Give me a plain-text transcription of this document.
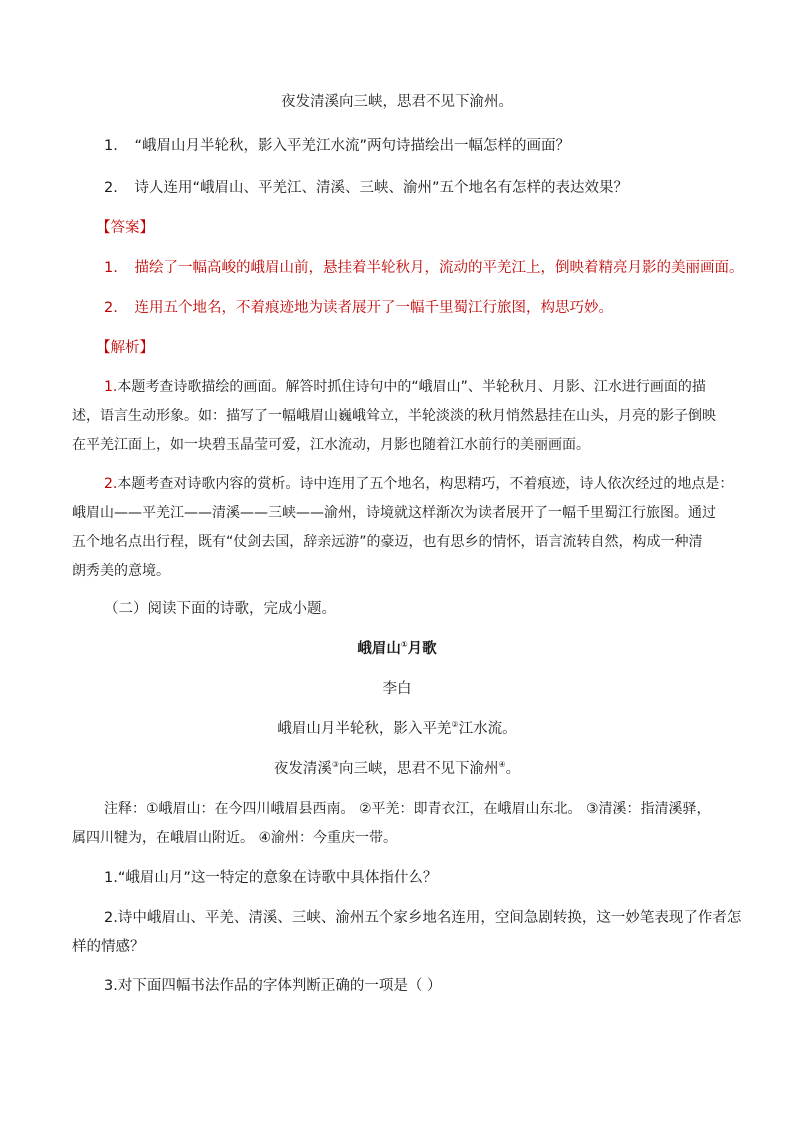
夜发清溪向三峡，思君不见下渝州。
1. “峨眉山月半轮秋，影入平羌江水流”两句诗描绘出一幅怎样的画面？
2. 诗人连用“峨眉山、平羌江、清溪、三峡、渝州”五个地名有怎样的表达效果？
【答案】
1. 描绘了一幅高峻的峨眉山前，悬挂着半轮秋月，流动的平羌江上，倒映着精亮月影的美丽画面。
2. 连用五个地名，不着痕迹地为读者展开了一幅千里蜀江行旅图，构思巧妙。
【解析】
1.本题考查诗歌描绘的画面。解答时抓住诗句中的“峨眉山”、半轮秋月、月影、江水进行画面的描
述，语言生动形象。如：描写了一幅峨眉山巍峨耸立，半轮淡淡的秋月悄然悬挂在山头，月亮的影子倒映
在平羌江面上，如一块碧玉晶莹可爱，江水流动，月影也随着江水前行的美丽画面。
2.本题考查对诗歌内容的赏析。诗中连用了五个地名，构思精巧，不着痕迹，诗人依次经过的地点是：
峨眉山——平羌江——清溪——三峡——渝州，诗境就这样渐次为读者展开了一幅千里蜀江行旅图。通过
五个地名点出行程，既有“仗剑去国，辞亲远游”的豪迈，也有思乡的情怀，语言流转自然，构成一种清
朗秀美的意境。
（二）阅读下面的诗歌，完成小题。
峨眉山①月歌
李白
峨眉山月半轮秋，影入平羌②江水流。
夜发清溪③向三峡，思君不见下渝州④。
注释：①峨眉山：在今四川峨眉县西南。 ②平羌：即青衣江，在峨眉山东北。 ③清溪：指清溪驿，
属四川犍为，在峨眉山附近。 ④渝州：今重庆一带。
1.“峨眉山月”这一特定的意象在诗歌中具体指什么？
2.诗中峨眉山、平羌、清溪、三峡、渝州五个家乡地名连用，空间急剧转换，这一妙笔表现了作者怎
样的情感？
3.对下面四幅书法作品的字体判断正确的一项是（ ）
